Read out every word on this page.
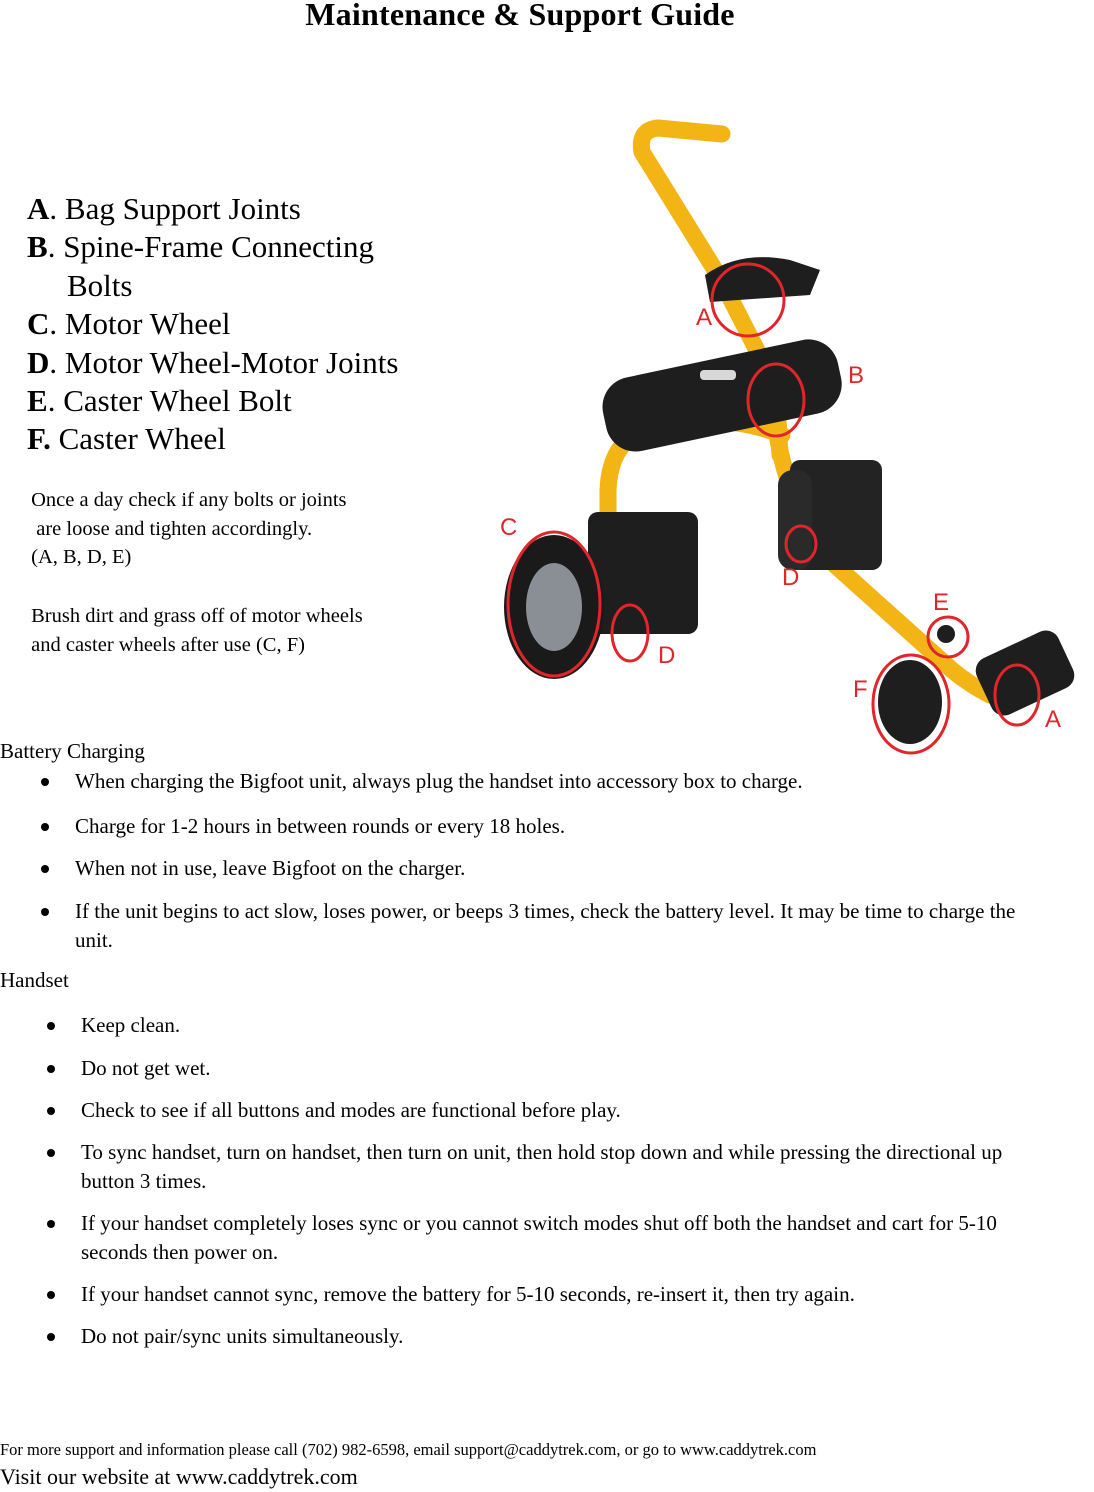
Maintenance & Support Guide
A. Bag Support Joints
B. Spine-Frame Connecting
Bolts
C. Motor Wheel
D. Motor Wheel-Motor Joints
E. Caster Wheel Bolt
F. Caster Wheel
Once a day check if any bolts or joints
are loose and tighten accordingly.
(A, B, D, E)
Brush dirt and grass off of motor wheels
and caster wheels after use (C, F)
A
B
C
D
D
E
F
A
Battery Charging
When charging the Bigfoot unit, always plug the handset into accessory box to charge.
Charge for 1-2 hours in between rounds or every 18 holes.
When not in use, leave Bigfoot on the charger.
If the unit begins to act slow, loses power, or beeps 3 times, check the battery level. It may be time to charge the unit.
Handset
Keep clean.
Do not get wet.
Check to see if all buttons and modes are functional before play.
To sync handset, turn on handset, then turn on unit, then hold stop down and while pressing the directional up button 3 times.
If your handset completely loses sync or you cannot switch modes shut off both the handset and cart for 5-10 seconds then power on.
If your handset cannot sync, remove the battery for 5-10 seconds, re-insert it, then try again.
Do not pair/sync units simultaneously.
For more support and information please call (702) 982-6598, email support@caddytrek.com, or go to www.caddytrek.com
Visit our website at www.caddytrek.com
